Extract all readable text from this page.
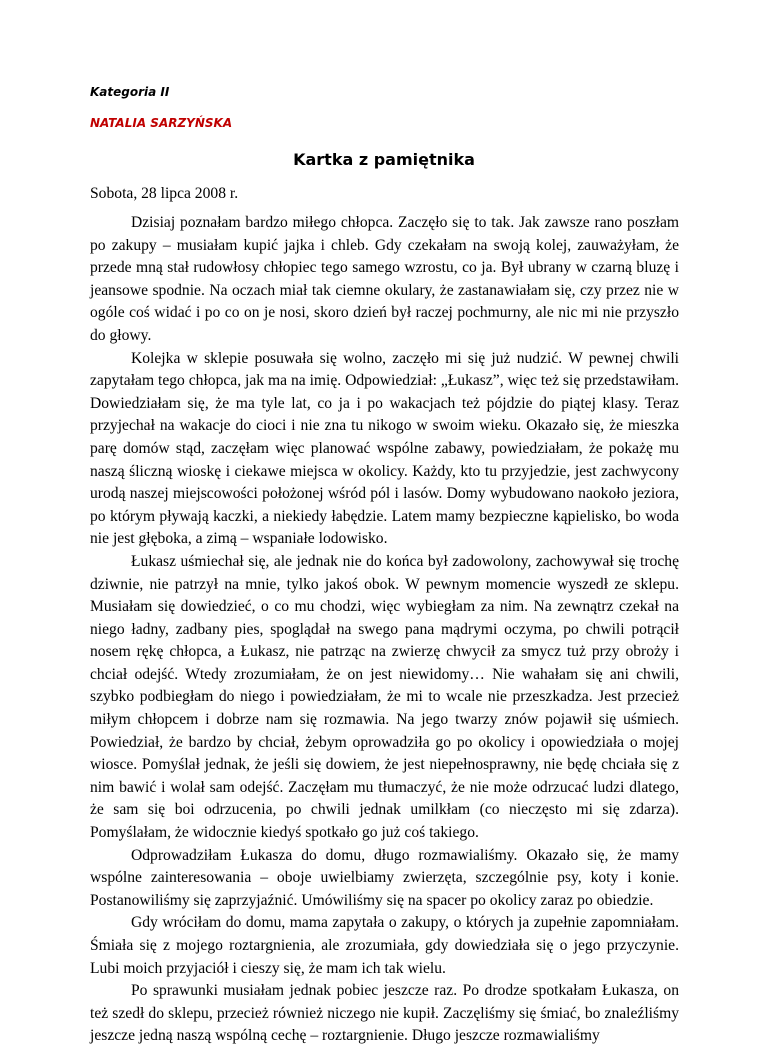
Kategoria II

NATALIA SARZYŃSKA

Kartka z pamiętnika

Sobota, 28 lipca 2008 r.

Dzisiaj poznałam bardzo miłego chłopca. Zaczęło się to tak. Jak zawsze rano poszłam po zakupy – musiałam kupić jajka i chleb. Gdy czekałam na swoją kolej, zauważyłam, że przede mną stał rudowłosy chłopiec tego samego wzrostu, co ja. Był ubrany w czarną bluzę i jeansowe spodnie. Na oczach miał tak ciemne okulary, że zastanawiałam się, czy przez nie w ogóle coś widać i po co on je nosi, skoro dzień był raczej pochmurny, ale nic mi nie przyszło do głowy.

Kolejka w sklepie posuwała się wolno, zaczęło mi się już nudzić. W pewnej chwili zapytałam tego chłopca, jak ma na imię. Odpowiedział: „Łukasz”, więc też się przedstawiłam. Dowiedziałam się, że ma tyle lat, co ja i po wakacjach też pójdzie do piątej klasy. Teraz przyjechał na wakacje do cioci i nie zna tu nikogo w swoim wieku. Okazało się, że mieszka parę domów stąd, zaczęłam więc planować wspólne zabawy, powiedziałam, że pokażę mu naszą śliczną wioskę i ciekawe miejsca w okolicy. Każdy, kto tu przyjedzie, jest zachwycony urodą naszej miejscowości położonej wśród pól i lasów. Domy wybudowano naokoło jeziora, po którym pływają kaczki, a niekiedy łabędzie. Latem mamy bezpieczne kąpielisko, bo woda nie jest głęboka, a zimą – wspaniałe lodowisko.

Łukasz uśmiechał się, ale jednak nie do końca był zadowolony, zachowywał się trochę dziwnie, nie patrzył na mnie, tylko jakoś obok. W pewnym momencie wyszedł ze sklepu. Musiałam się dowiedzieć, o co mu chodzi, więc wybiegłam za nim. Na zewnątrz czekał na niego ładny, zadbany pies, spoglądał na swego pana mądrymi oczyma, po chwili potrącił nosem rękę chłopca, a Łukasz, nie patrząc na zwierzę chwycił za smycz tuż przy obroży i chciał odejść. Wtedy zrozumiałam, że on jest niewidomy… Nie wahałam się ani chwili, szybko podbiegłam do niego i powiedziałam, że mi to wcale nie przeszkadza. Jest przecież miłym chłopcem i dobrze nam się rozmawia. Na jego twarzy znów pojawił się uśmiech. Powiedział, że bardzo by chciał, żebym oprowadziła go po okolicy i opowiedziała o mojej wiosce. Pomyślał jednak, że jeśli się dowiem, że jest niepełnosprawny, nie będę chciała się z nim bawić i wolał sam odejść. Zaczęłam mu tłumaczyć, że nie może odrzucać ludzi dlatego, że sam się boi odrzucenia, po chwili jednak umilkłam (co nieczęsto mi się zdarza). Pomyślałam, że widocznie kiedyś spotkało go już coś takiego.

Odprowadziłam Łukasza do domu, długo rozmawialiśmy. Okazało się, że mamy wspólne zainteresowania – oboje uwielbiamy zwierzęta, szczególnie psy, koty i konie. Postanowiliśmy się zaprzyjaźnić. Umówiliśmy się na spacer po okolicy zaraz po obiedzie.

Gdy wróciłam do domu, mama zapytała o zakupy, o których ja zupełnie zapomniałam. Śmiała się z mojego roztargnienia, ale zrozumiała, gdy dowiedziała się o jego przyczynie. Lubi moich przyjaciół i cieszy się, że mam ich tak wielu.

Po sprawunki musiałam jednak pobiec jeszcze raz. Po drodze spotkałam Łukasza, on też szedł do sklepu, przecież również niczego nie kupił. Zaczęliśmy się śmiać, bo znaleźliśmy jeszcze jedną naszą wspólną cechę – roztargnienie. Długo jeszcze rozmawialiśmy
